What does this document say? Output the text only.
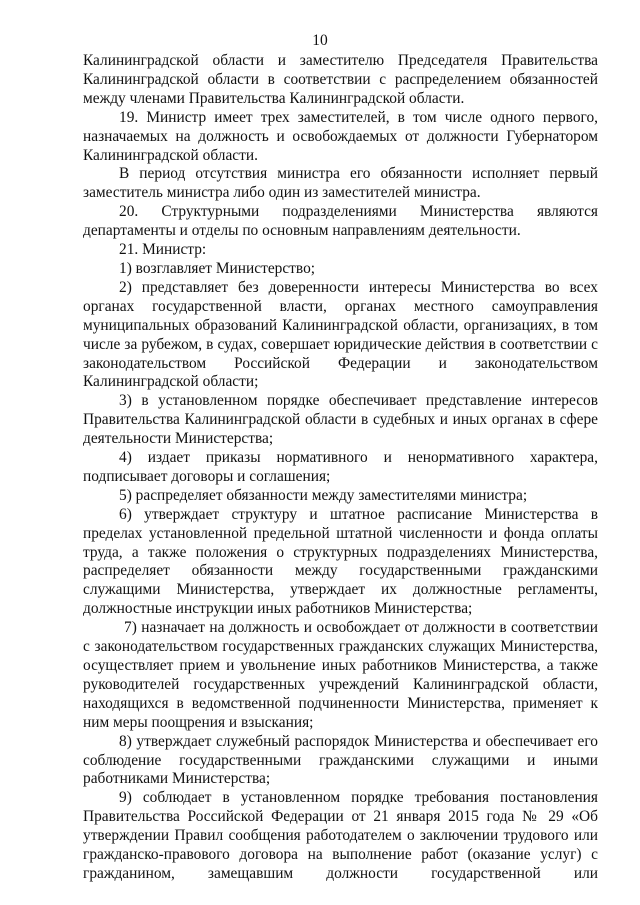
10

Калининградской области и заместителю Председателя Правительства Калининградской области в соответствии с распределением обязанностей между членами Правительства Калининградской области.

19. Министр имеет трех заместителей, в том числе одного первого, назначаемых на должность и освобождаемых от должности Губернатором Калининградской области.

В период отсутствия министра его обязанности исполняет первый заместитель министра либо один из заместителей министра.

20. Структурными подразделениями Министерства являются департаменты и отделы по основным направлениям деятельности.

21. Министр:

1) возглавляет Министерство;

2) представляет без доверенности интересы Министерства во всех органах государственной власти, органах местного самоуправления муниципальных образований Калининградской области, организациях, в том числе за рубежом, в судах, совершает юридические действия в соответствии с законодательством Российской Федерации и законодательством Калининградской области;

3) в установленном порядке обеспечивает представление интересов Правительства Калининградской области в судебных и иных органах в сфере деятельности Министерства;

4) издает приказы нормативного и ненормативного характера, подписывает договоры и соглашения;

5) распределяет обязанности между заместителями министра;

6) утверждает структуру и штатное расписание Министерства в пределах установленной предельной штатной численности и фонда оплаты труда, а также положения о структурных подразделениях Министерства, распределяет обязанности между государственными гражданскими служащими Министерства, утверждает их должностные регламенты, должностные инструкции иных работников Министерства;

7) назначает на должность и освобождает от должности в соответствии с законодательством государственных гражданских служащих Министерства, осуществляет прием и увольнение иных работников Министерства, а также руководителей государственных учреждений Калининградской области, находящихся в ведомственной подчиненности Министерства, применяет к ним меры поощрения и взыскания;

8) утверждает служебный распорядок Министерства и обеспечивает его соблюдение государственными гражданскими служащими и иными работниками Министерства;

9) соблюдает в установленном порядке требования постановления Правительства Российской Федерации от 21 января 2015 года № 29 «Об утверждении Правил сообщения работодателем о заключении трудового или гражданско-правового договора на выполнение работ (оказание услуг) с гражданином, замещавшим должности государственной или
